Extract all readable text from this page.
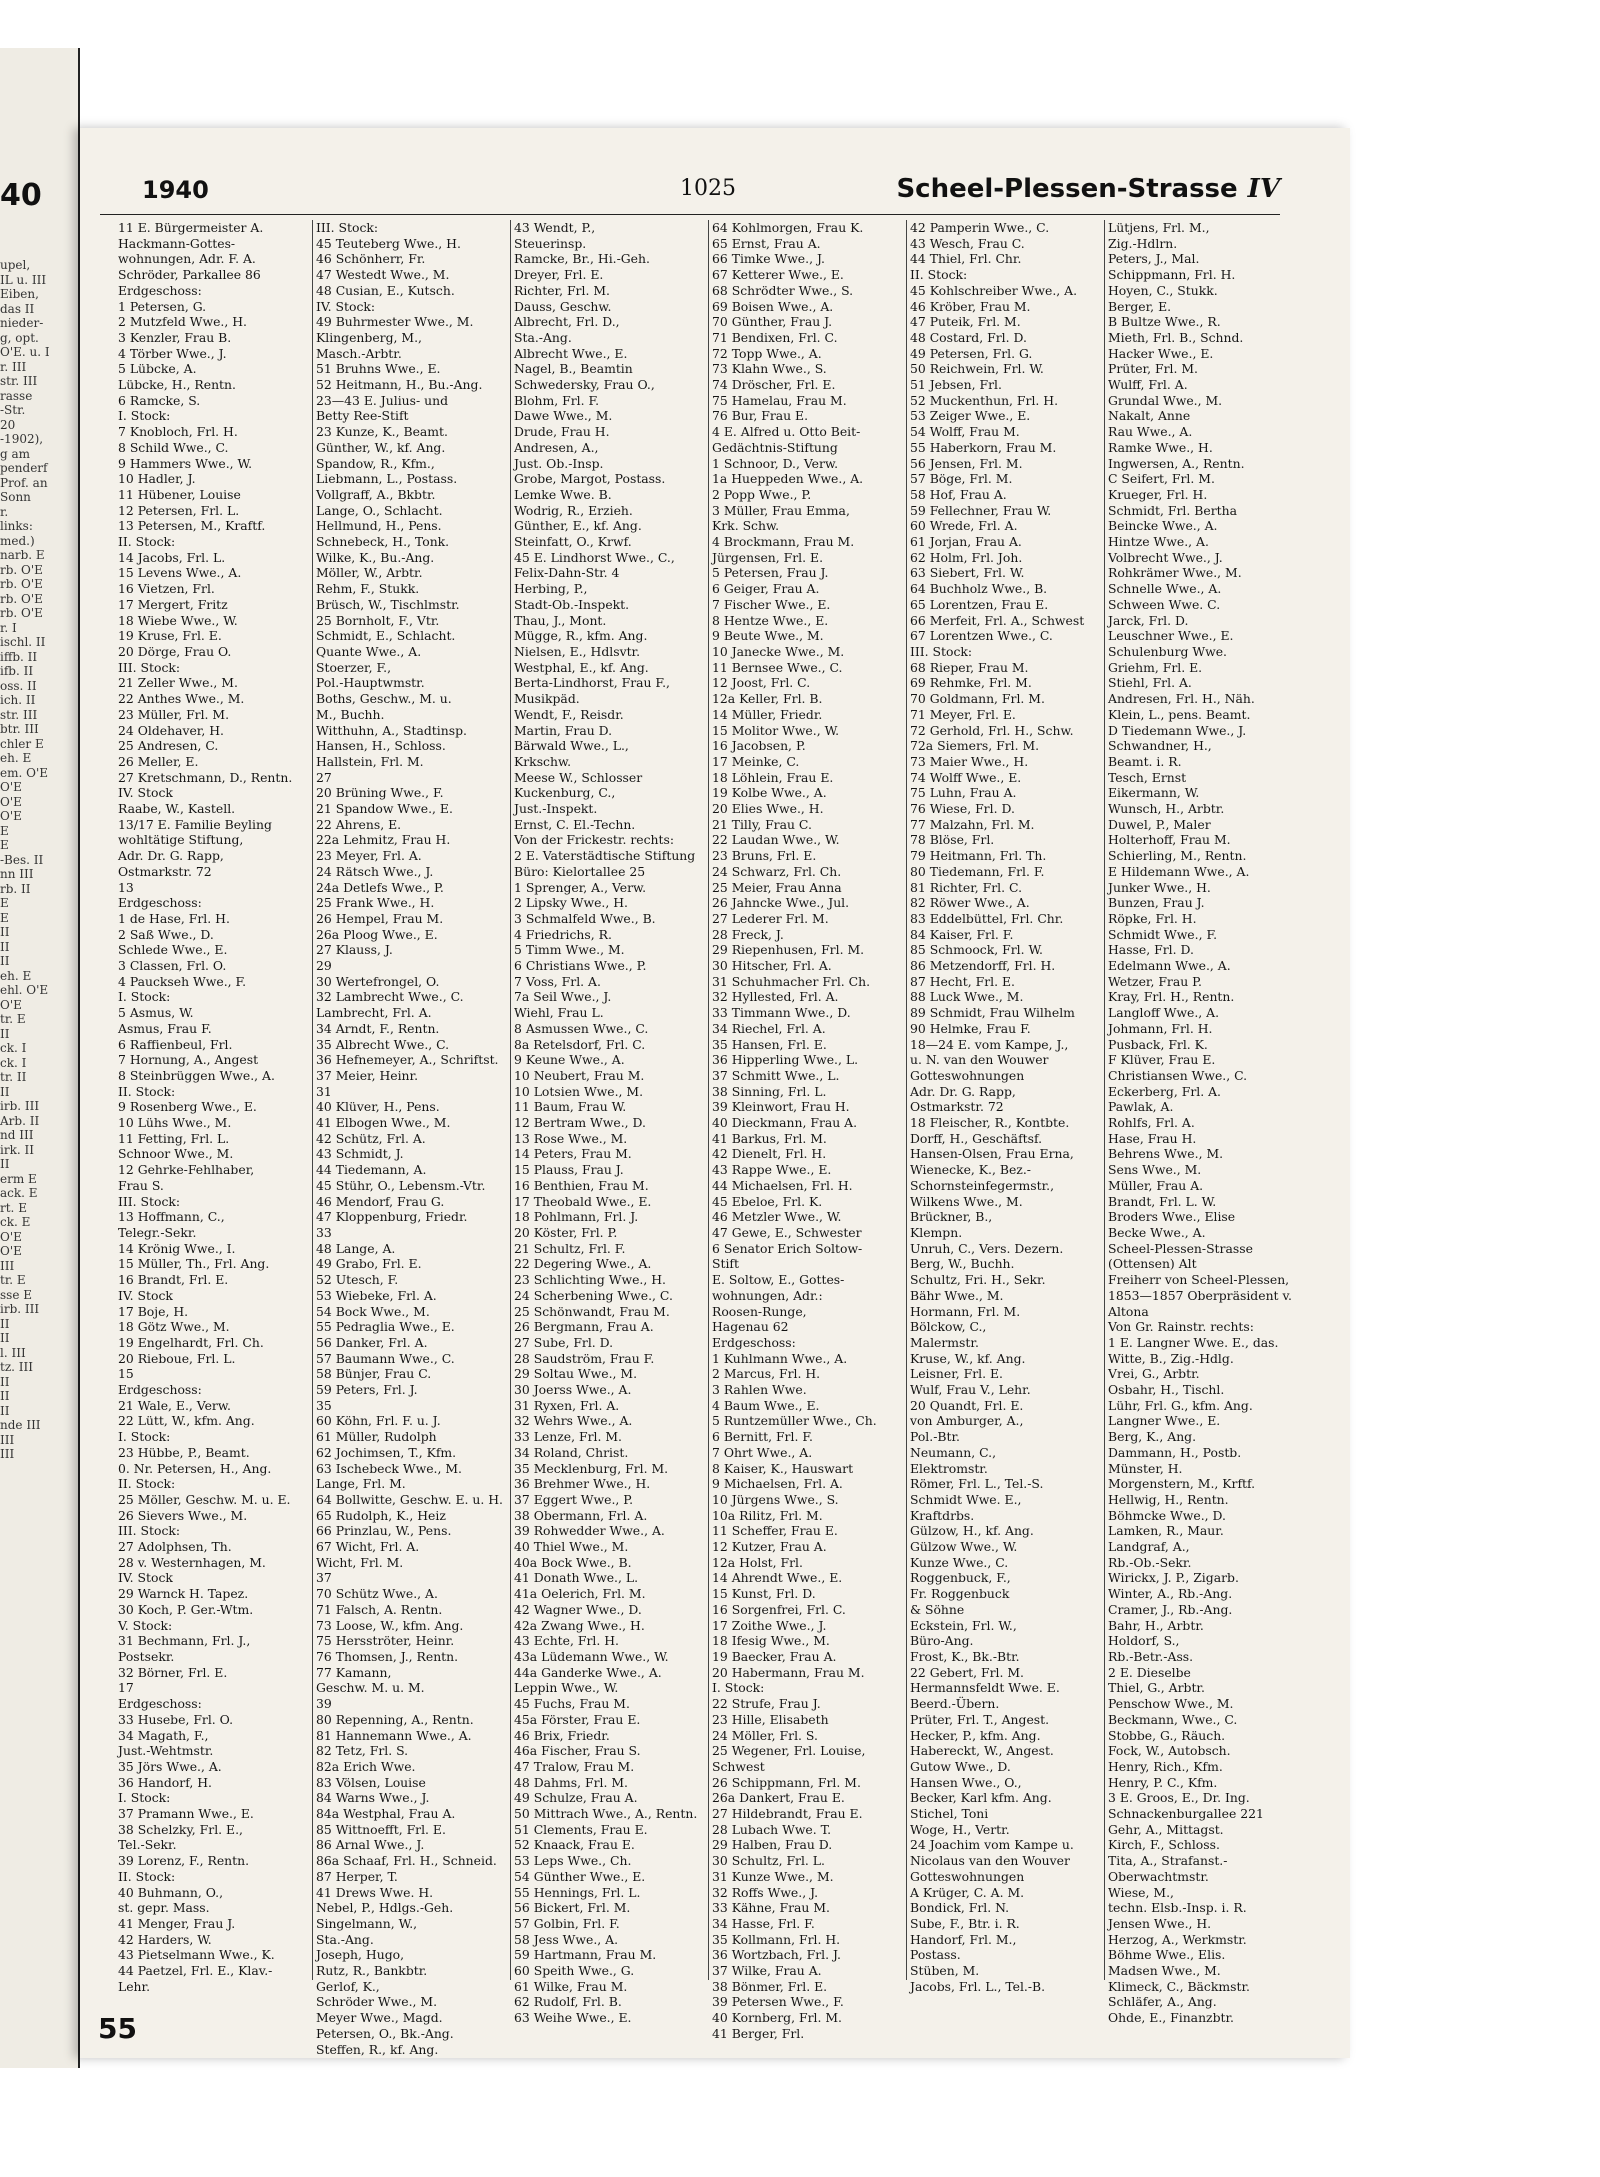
40
upel,
IL u. III
Eiben,
das II
nieder-
g, opt.
O'E. u. I
r. III
str. III
rasse
-Str.
20
-1902),
g am
penderf
Prof. an
Sonn
r.
links:
med.)
narb. E
rb. O'E
rb. O'E
rb. O'E
rb. O'E
r. I
ischl. II
iffb. II
ifb. II
oss. II
ich. II
str. III
btr. III
chler E
eh. E
em. O'E
O'E
O'E
O'E
E
E
-Bes. II
nn III
rb. II
E
E
II
II
II
eh. E
ehl. O'E
O'E
tr. E
II
ck. I
ck. I
tr. II
II
irb. III
Arb. II
nd III
irk. II
II
erm E
ack. E
rt. E
ck. E
O'E
O'E
III
tr. E
sse E
irb. III
II
II
l. III
tz. III
II
II
II
nde III
III
III
1940	1025	Scheel-Plessen-Strasse IV
11 E. Bürgermeister A.
Hackmann-Gottes-
wohnungen, Adr. F. A.
Schröder, Parkallee 86
Erdgeschoss:
1 Petersen, G.
2 Mutzfeld Wwe., H.
3 Kenzler, Frau B.
4 Törber Wwe., J.
5 Lübcke, A.
Lübcke, H., Rentn.
6 Ramcke, S.
I. Stock:
7 Knobloch, Frl. H.
8 Schild Wwe., C.
9 Hammers Wwe., W.
10 Hadler, J.
11 Hübener, Louise
12 Petersen, Frl. L.
13 Petersen, M., Kraftf.
II. Stock:
14 Jacobs, Frl. L.
15 Levens Wwe., A.
16 Vietzen, Frl.
17 Mergert, Fritz
18 Wiebe Wwe., W.
19 Kruse, Frl. E.
20 Dörge, Frau O.
III. Stock:
21 Zeller Wwe., M.
22 Anthes Wwe., M.
23 Müller, Frl. M.
24 Oldehaver, H.
25 Andresen, C.
26 Meller, E.
27 Kretschmann, D., Rentn.
IV. Stock
Raabe, W., Kastell.
13/17 E. Familie Beyling
wohltätige Stiftung,
Adr. Dr. G. Rapp,
Ostmarkstr. 72
13
Erdgeschoss:
1 de Hase, Frl. H.
2 Saß Wwe., D.
Schlede Wwe., E.
3 Classen, Frl. O.
4 Pauckseh Wwe., F.
I. Stock:
5 Asmus, W.
Asmus, Frau F.
6 Raffienbeul, Frl.
7 Hornung, A., Angest
8 Steinbrüggen Wwe., A.
II. Stock:
9 Rosenberg Wwe., E.
10 Lühs Wwe., M.
11 Fetting, Frl. L.
Schnoor Wwe., M.
12 Gehrke-Fehlhaber,
Frau S.
III. Stock:
13 Hoffmann, C.,
Telegr.-Sekr.
14 Krönig Wwe., I.
15 Müller, Th., Frl. Ang.
16 Brandt, Frl. E.
IV. Stock
17 Boje, H.
18 Götz Wwe., M.
19 Engelhardt, Frl. Ch.
20 Rieboue, Frl. L.
15
Erdgeschoss:
21 Wale, E., Verw.
22 Lütt, W., kfm. Ang.
I. Stock:
23 Hübbe, P., Beamt.
0. Nr. Petersen, H., Ang.
II. Stock:
25 Möller, Geschw. M. u. E.
26 Sievers Wwe., M.
III. Stock:
27 Adolphsen, Th.
28 v. Westernhagen, M.
IV. Stock
29 Warnck H. Tapez.
30 Koch, P. Ger.-Wtm.
V. Stock:
31 Bechmann, Frl. J.,
Postsekr.
32 Börner, Frl. E.
17
Erdgeschoss:
33 Husebe, Frl. O.
34 Magath, F.,
Just.-Wehtmstr.
35 Jörs Wwe., A.
36 Handorf, H.
I. Stock:
37 Pramann Wwe., E.
38 Schelzky, Frl. E.,
Tel.-Sekr.
39 Lorenz, F., Rentn.
II. Stock:
40 Buhmann, O.,
st. gepr. Mass.
41 Menger, Frau J.
42 Harders, W.
43 Pietselmann Wwe., K.
44 Paetzel, Frl. E., Klav.-
Lehr.
III. Stock:
45 Teuteberg Wwe., H.
46 Schönherr, Fr.
47 Westedt Wwe., M.
48 Cusian, E., Kutsch.
IV. Stock:
49 Buhrmester Wwe., M.
Klingenberg, M.,
Masch.-Arbtr.
51 Bruhns Wwe., E.
52 Heitmann, H., Bu.-Ang.
23—43 E. Julius- und
Betty Ree-Stift
23 Kunze, K., Beamt.
Günther, W., kf. Ang.
Spandow, R., Kfm.,
Liebmann, L., Postass.
Vollgraff, A., Bkbtr.
Lange, O., Schlacht.
Hellmund, H., Pens.
Schnebeck, H., Tonk.
Wilke, K., Bu.-Ang.
Möller, W., Arbtr.
Rehm, F., Stukk.
Brüsch, W., Tischlmstr.
25 Bornholt, F., Vtr.
Schmidt, E., Schlacht.
Quante Wwe., A.
Stoerzer, F.,
Pol.-Hauptwmstr.
Boths, Geschw., M. u.
M., Buchh.
Witthuhn, A., Stadtinsp.
Hansen, H., Schloss.
Hallstein, Frl. M.
27
20 Brüning Wwe., F.
21 Spandow Wwe., E.
22 Ahrens, E.
22a Lehmitz, Frau H.
23 Meyer, Frl. A.
24 Rätsch Wwe., J.
24a Detlefs Wwe., P.
25 Frank Wwe., H.
26 Hempel, Frau M.
26a Ploog Wwe., E.
27 Klauss, J.
29
30 Wertefrongel, O.
32 Lambrecht Wwe., C.
Lambrecht, Frl. A.
34 Arndt, F., Rentn.
35 Albrecht Wwe., C.
36 Hefnemeyer, A., Schriftst.
37 Meier, Heinr.
31
40 Klüver, H., Pens.
41 Elbogen Wwe., M.
42 Schütz, Frl. A.
43 Schmidt, J.
44 Tiedemann, A.
45 Stühr, O., Lebensm.-Vtr.
46 Mendorf, Frau G.
47 Kloppenburg, Friedr.
33
48 Lange, A.
49 Grabo, Frl. E.
52 Utesch, F.
53 Wiebeke, Frl. A.
54 Bock Wwe., M.
55 Pedraglia Wwe., E.
56 Danker, Frl. A.
57 Baumann Wwe., C.
58 Bünjer, Frau C.
59 Peters, Frl. J.
35
60 Köhn, Frl. F. u. J.
61 Müller, Rudolph
62 Jochimsen, T., Kfm.
63 Ischebeck Wwe., M.
Lange, Frl. M.
64 Bollwitte, Geschw. E. u. H.
65 Rudolph, K., Heiz
66 Prinzlau, W., Pens.
67 Wicht, Frl. A.
Wicht, Frl. M.
37
70 Schütz Wwe., A.
71 Falsch, A. Rentn.
73 Loose, W., kfm. Ang.
75 Hersströter, Heinr.
76 Thomsen, J., Rentn.
77 Kamann,
Geschw. M. u. M.
39
80 Repenning, A., Rentn.
81 Hannemann Wwe., A.
82 Tetz, Frl. S.
82a Erich Wwe.
83 Völsen, Louise
84 Warns Wwe., J.
84a Westphal, Frau A.
85 Wittnoefft, Frl. E.
86 Arnal Wwe., J.
86a Schaaf, Frl. H., Schneid.
87 Herper, T.
41 Drews Wwe. H.
Nebel, P., Hdlgs.-Geh.
Singelmann, W.,
Sta.-Ang.
Joseph, Hugo,
Rutz, R., Bankbtr.
Gerlof, K.,
Schröder Wwe., M.
Meyer Wwe., Magd.
Petersen, O., Bk.-Ang.
Steffen, R., kf. Ang.
43 Wendt, P.,
Steuerinsp.
Ramcke, Br., Hi.-Geh.
Dreyer, Frl. E.
Richter, Frl. M.
Dauss, Geschw.
Albrecht, Frl. D.,
Sta.-Ang.
Albrecht Wwe., E.
Nagel, B., Beamtin
Schwedersky, Frau O.,
Blohm, Frl. F.
Dawe Wwe., M.
Drude, Frau H.
Andresen, A.,
Just. Ob.-Insp.
Grobe, Margot, Postass.
Lemke Wwe. B.
Wodrig, R., Erzieh.
Günther, E., kf. Ang.
Steinfatt, O., Krwf.
45 E. Lindhorst Wwe., C.,
Felix-Dahn-Str. 4
Herbing, P.,
Stadt-Ob.-Inspekt.
Thau, J., Mont.
Mügge, R., kfm. Ang.
Nielsen, E., Hdlsvtr.
Westphal, E., kf. Ang.
Berta-Lindhorst, Frau F.,
Musikpäd.
Wendt, F., Reisdr.
Martin, Frau D.
Bärwald Wwe., L.,
Krkschw.
Meese W., Schlosser
Kuckenburg, C.,
Just.-Inspekt.
Ernst, C. El.-Techn.
Von der Frickestr. rechts:
2 E. Vaterstädtische Stiftung
Büro: Kielortallee 25
1 Sprenger, A., Verw.
2 Lipsky Wwe., H.
3 Schmalfeld Wwe., B.
4 Friedrichs, R.
5 Timm Wwe., M.
6 Christians Wwe., P.
7 Voss, Frl. A.
7a Seil Wwe., J.
Wiehl, Frau L.
8 Asmussen Wwe., C.
8a Retelsdorf, Frl. C.
9 Keune Wwe., A.
10 Neubert, Frau M.
10 Lotsien Wwe., M.
11 Baum, Frau W.
12 Bertram Wwe., D.
13 Rose Wwe., M.
14 Peters, Frau M.
15 Plauss, Frau J.
16 Benthien, Frau M.
17 Theobald Wwe., E.
18 Pohlmann, Frl. J.
20 Köster, Frl. P.
21 Schultz, Frl. F.
22 Degering Wwe., A.
23 Schlichting Wwe., H.
24 Scherbening Wwe., C.
25 Schönwandt, Frau M.
26 Bergmann, Frau A.
27 Sube, Frl. D.
28 Saudström, Frau F.
29 Soltau Wwe., M.
30 Joerss Wwe., A.
31 Ryxen, Frl. A.
32 Wehrs Wwe., A.
33 Lenze, Frl. M.
34 Roland, Christ.
35 Mecklenburg, Frl. M.
36 Brehmer Wwe., H.
37 Eggert Wwe., P.
38 Obermann, Frl. A.
39 Rohwedder Wwe., A.
40 Thiel Wwe., M.
40a Bock Wwe., B.
41 Donath Wwe., L.
41a Oelerich, Frl. M.
42 Wagner Wwe., D.
42a Zwang Wwe., H.
43 Echte, Frl. H.
43a Lüdemann Wwe., W.
44a Ganderke Wwe., A.
Leppin Wwe., W.
45 Fuchs, Frau M.
45a Förster, Frau E.
46 Brix, Friedr.
46a Fischer, Frau S.
47 Tralow, Frau M.
48 Dahms, Frl. M.
49 Schulze, Frau A.
50 Mittrach Wwe., A., Rentn.
51 Clements, Frau E.
52 Knaack, Frau E.
53 Leps Wwe., Ch.
54 Günther Wwe., E.
55 Hennings, Frl. L.
56 Bickert, Frl. M.
57 Golbin, Frl. F.
58 Jess Wwe., A.
59 Hartmann, Frau M.
60 Speith Wwe., G.
61 Wilke, Frau M.
62 Rudolf, Frl. B.
63 Weihe Wwe., E.
64 Kohlmorgen, Frau K.
65 Ernst, Frau A.
66 Timke Wwe., J.
67 Ketterer Wwe., E.
68 Schrödter Wwe., S.
69 Boisen Wwe., A.
70 Günther, Frau J.
71 Bendixen, Frl. C.
72 Topp Wwe., A.
73 Klahn Wwe., S.
74 Dröscher, Frl. E.
75 Hamelau, Frau M.
76 Bur, Frau E.
4 E. Alfred u. Otto Beit-
Gedächtnis-Stiftung
1 Schnoor, D., Verw.
1a Hueppeden Wwe., A.
2 Popp Wwe., P.
3 Müller, Frau Emma,
Krk. Schw.
4 Brockmann, Frau M.
Jürgensen, Frl. E.
5 Petersen, Frau J.
6 Geiger, Frau A.
7 Fischer Wwe., E.
8 Hentze Wwe., E.
9 Beute Wwe., M.
10 Janecke Wwe., M.
11 Bernsee Wwe., C.
12 Joost, Frl. C.
12a Keller, Frl. B.
14 Müller, Friedr.
15 Molitor Wwe., W.
16 Jacobsen, P.
17 Meinke, C.
18 Löhlein, Frau E.
19 Kolbe Wwe., A.
20 Elies Wwe., H.
21 Tilly, Frau C.
22 Laudan Wwe., W.
23 Bruns, Frl. E.
24 Schwarz, Frl. Ch.
25 Meier, Frau Anna
26 Jahncke Wwe., Jul.
27 Lederer Frl. M.
28 Freck, J.
29 Riepenhusen, Frl. M.
30 Hitscher, Frl. A.
31 Schuhmacher Frl. Ch.
32 Hyllested, Frl. A.
33 Timmann Wwe., D.
34 Riechel, Frl. A.
35 Hansen, Frl. E.
36 Hipperling Wwe., L.
37 Schmitt Wwe., L.
38 Sinning, Frl. L.
39 Kleinwort, Frau H.
40 Dieckmann, Frau A.
41 Barkus, Frl. M.
42 Dienelt, Frl. H.
43 Rappe Wwe., E.
44 Michaelsen, Frl. H.
45 Ebeloe, Frl. K.
46 Metzler Wwe., W.
47 Gewe, E., Schwester
6 Senator Erich Soltow-
Stift
E. Soltow, E., Gottes-
wohnungen, Adr.:
Roosen-Runge,
Hagenau 62
Erdgeschoss:
1 Kuhlmann Wwe., A.
2 Marcus, Frl. H.
3 Rahlen Wwe.
4 Baum Wwe., E.
5 Runtzemüller Wwe., Ch.
6 Bernitt, Frl. F.
7 Ohrt Wwe., A.
8 Kaiser, K., Hauswart
9 Michaelsen, Frl. A.
10 Jürgens Wwe., S.
10a Rilitz, Frl. M.
11 Scheffer, Frau E.
12 Kutzer, Frau A.
12a Holst, Frl.
14 Ahrendt Wwe., E.
15 Kunst, Frl. D.
16 Sorgenfrei, Frl. C.
17 Zoithe Wwe., J.
18 Ifesig Wwe., M.
19 Baecker, Frau A.
20 Habermann, Frau M.
I. Stock:
22 Strufe, Frau J.
23 Hille, Elisabeth
24 Möller, Frl. S.
25 Wegener, Frl. Louise,
Schwest
26 Schippmann, Frl. M.
26a Dankert, Frau E.
27 Hildebrandt, Frau E.
28 Lubach Wwe. T.
29 Halben, Frau D.
30 Schultz, Frl. L.
31 Kunze Wwe., M.
32 Roffs Wwe., J.
33 Kähne, Frau M.
34 Hasse, Frl. F.
35 Kollmann, Frl. H.
36 Wortzbach, Frl. J.
37 Wilke, Frau A.
38 Bönmer, Frl. E.
39 Petersen Wwe., F.
40 Kornberg, Frl. M.
41 Berger, Frl.
42 Pamperin Wwe., C.
43 Wesch, Frau C.
44 Thiel, Frl. Chr.
II. Stock:
45 Kohlschreiber Wwe., A.
46 Kröber, Frau M.
47 Puteik, Frl. M.
48 Costard, Frl. D.
49 Petersen, Frl. G.
50 Reichwein, Frl. W.
51 Jebsen, Frl.
52 Muckenthun, Frl. H.
53 Zeiger Wwe., E.
54 Wolff, Frau M.
55 Haberkorn, Frau M.
56 Jensen, Frl. M.
57 Böge, Frl. M.
58 Hof, Frau A.
59 Fellechner, Frau W.
60 Wrede, Frl. A.
61 Jorjan, Frau A.
62 Holm, Frl. Joh.
63 Siebert, Frl. W.
64 Buchholz Wwe., B.
65 Lorentzen, Frau E.
66 Merfeit, Frl. A., Schwest
67 Lorentzen Wwe., C.
III. Stock:
68 Rieper, Frau M.
69 Rehmke, Frl. M.
70 Goldmann, Frl. M.
71 Meyer, Frl. E.
72 Gerhold, Frl. H., Schw.
72a Siemers, Frl. M.
73 Maier Wwe., H.
74 Wolff Wwe., E.
75 Luhn, Frau A.
76 Wiese, Frl. D.
77 Malzahn, Frl. M.
78 Blöse, Frl.
79 Heitmann, Frl. Th.
80 Tiedemann, Frl. F.
81 Richter, Frl. C.
82 Röwer Wwe., A.
83 Eddelbüttel, Frl. Chr.
84 Kaiser, Frl. F.
85 Schmoock, Frl. W.
86 Metzendorff, Frl. H.
87 Hecht, Frl. E.
88 Luck Wwe., M.
89 Schmidt, Frau Wilhelm
90 Helmke, Frau F.
18—24 E. vom Kampe, J.,
u. N. van den Wouwer
Gotteswohnungen
Adr. Dr. G. Rapp,
Ostmarkstr. 72
18 Fleischer, R., Kontbte.
Dorff, H., Geschäftsf.
Hansen-Olsen, Frau Erna,
Wienecke, K., Bez.-
Schornsteinfegermstr.,
Wilkens Wwe., M.
Brückner, B.,
Klempn.
Unruh, C., Vers. Dezern.
Berg, W., Buchh.
Schultz, Fri. H., Sekr.
Bähr Wwe., M.
Hormann, Frl. M.
Bölckow, C.,
Malermstr.
Kruse, W., kf. Ang.
Leisner, Frl. E.
Wulf, Frau V., Lehr.
20 Quandt, Frl. E.
von Amburger, A.,
Pol.-Btr.
Neumann, C.,
Elektromstr.
Römer, Frl. L., Tel.-S.
Schmidt Wwe. E.,
Kraftdrbs.
Gülzow, H., kf. Ang.
Gülzow Wwe., W.
Kunze Wwe., C.
Roggenbuck, F.,
Fr. Roggenbuck
& Söhne
Eckstein, Frl. W.,
Büro-Ang.
Frost, K., Bk.-Btr.
22 Gebert, Frl. M.
Hermannsfeldt Wwe. E.
Beerd.-Übern.
Prüter, Frl. T., Angest.
Hecker, P., kfm. Ang.
Habereckt, W., Angest.
Gutow Wwe., D.
Hansen Wwe., O.,
Becker, Karl kfm. Ang.
Stichel, Toni
Woge, H., Vertr.
24 Joachim vom Kampe u.
Nicolaus van den Wouver
Gotteswohnungen
A Krüger, C. A. M.
Bondick, Frl. N.
Sube, F., Btr. i. R.
Handorf, Frl. M.,
Postass.
Stüben, M.
Jacobs, Frl. L., Tel.-B.
Lütjens, Frl. M.,
Zig.-Hdlrn.
Peters, J., Mal.
Schippmann, Frl. H.
Hoyen, C., Stukk.
Berger, E.
B Bultze Wwe., R.
Mieth, Frl. B., Schnd.
Hacker Wwe., E.
Prüter, Frl. M.
Wulff, Frl. A.
Grundal Wwe., M.
Nakalt, Anne
Rau Wwe., A.
Ramke Wwe., H.
Ingwersen, A., Rentn.
C Seifert, Frl. M.
Krueger, Frl. H.
Schmidt, Frl. Bertha
Beincke Wwe., A.
Hintze Wwe., A.
Volbrecht Wwe., J.
Rohkrämer Wwe., M.
Schnelle Wwe., A.
Schween Wwe. C.
Jarck, Frl. D.
Leuschner Wwe., E.
Schulenburg Wwe.
Griehm, Frl. E.
Stiehl, Frl. A.
Andresen, Frl. H., Näh.
Klein, L., pens. Beamt.
D Tiedemann Wwe., J.
Schwandner, H.,
Beamt. i. R.
Tesch, Ernst
Eikermann, W.
Wunsch, H., Arbtr.
Duwel, P., Maler
Holterhoff, Frau M.
Schierling, M., Rentn.
E Hildemann Wwe., A.
Junker Wwe., H.
Bunzen, Frau J.
Röpke, Frl. H.
Schmidt Wwe., F.
Hasse, Frl. D.
Edelmann Wwe., A.
Wetzer, Frau P.
Kray, Frl. H., Rentn.
Langloff Wwe., A.
Johmann, Frl. H.
Pusback, Frl. K.
F Klüver, Frau E.
Christiansen Wwe., C.
Eckerberg, Frl. A.
Pawlak, A.
Rohlfs, Frl. A.
Hase, Frau H.
Behrens Wwe., M.
Sens Wwe., M.
Müller, Frau A.
Brandt, Frl. L. W.
Broders Wwe., Elise
Becke Wwe., A.
Scheel-Plessen-Strasse
(Ottensen) Alt
Freiherr von Scheel-Plessen,
1853—1857 Oberpräsident v.
Altona
Von Gr. Rainstr. rechts:
1 E. Langner Wwe. E., das.
Witte, B., Zig.-Hdlg.
Vrei, G., Arbtr.
Osbahr, H., Tischl.
Lühr, Frl. G., kfm. Ang.
Langner Wwe., E.
Berg, K., Ang.
Dammann, H., Postb.
Münster, H.
Morgenstern, M., Krftf.
Hellwig, H., Rentn.
Böhmcke Wwe., D.
Lamken, R., Maur.
Landgraf, A.,
Rb.-Ob.-Sekr.
Wirickx, J. P., Zigarb.
Winter, A., Rb.-Ang.
Cramer, J., Rb.-Ang.
Bahr, H., Arbtr.
Holdorf, S.,
Rb.-Betr.-Ass.
2 E. Dieselbe
Thiel, G., Arbtr.
Penschow Wwe., M.
Beckmann, Wwe., C.
Stobbe, G., Räuch.
Fock, W., Autobsch.
Henry, Rich., Kfm.
Henry, P. C., Kfm.
3 E. Groos, E., Dr. Ing.
Schnackenburgallee 221
Gehr, A., Mittagst.
Kirch, F., Schloss.
Tita, A., Strafanst.-
Oberwachtmstr.
Wiese, M.,
techn. Elsb.-Insp. i. R.
Jensen Wwe., H.
Herzog, A., Werkmstr.
Böhme Wwe., Elis.
Madsen Wwe., M.
Klimeck, C., Bäckmstr.
Schläfer, A., Ang.
Ohde, E., Finanzbtr.
55
